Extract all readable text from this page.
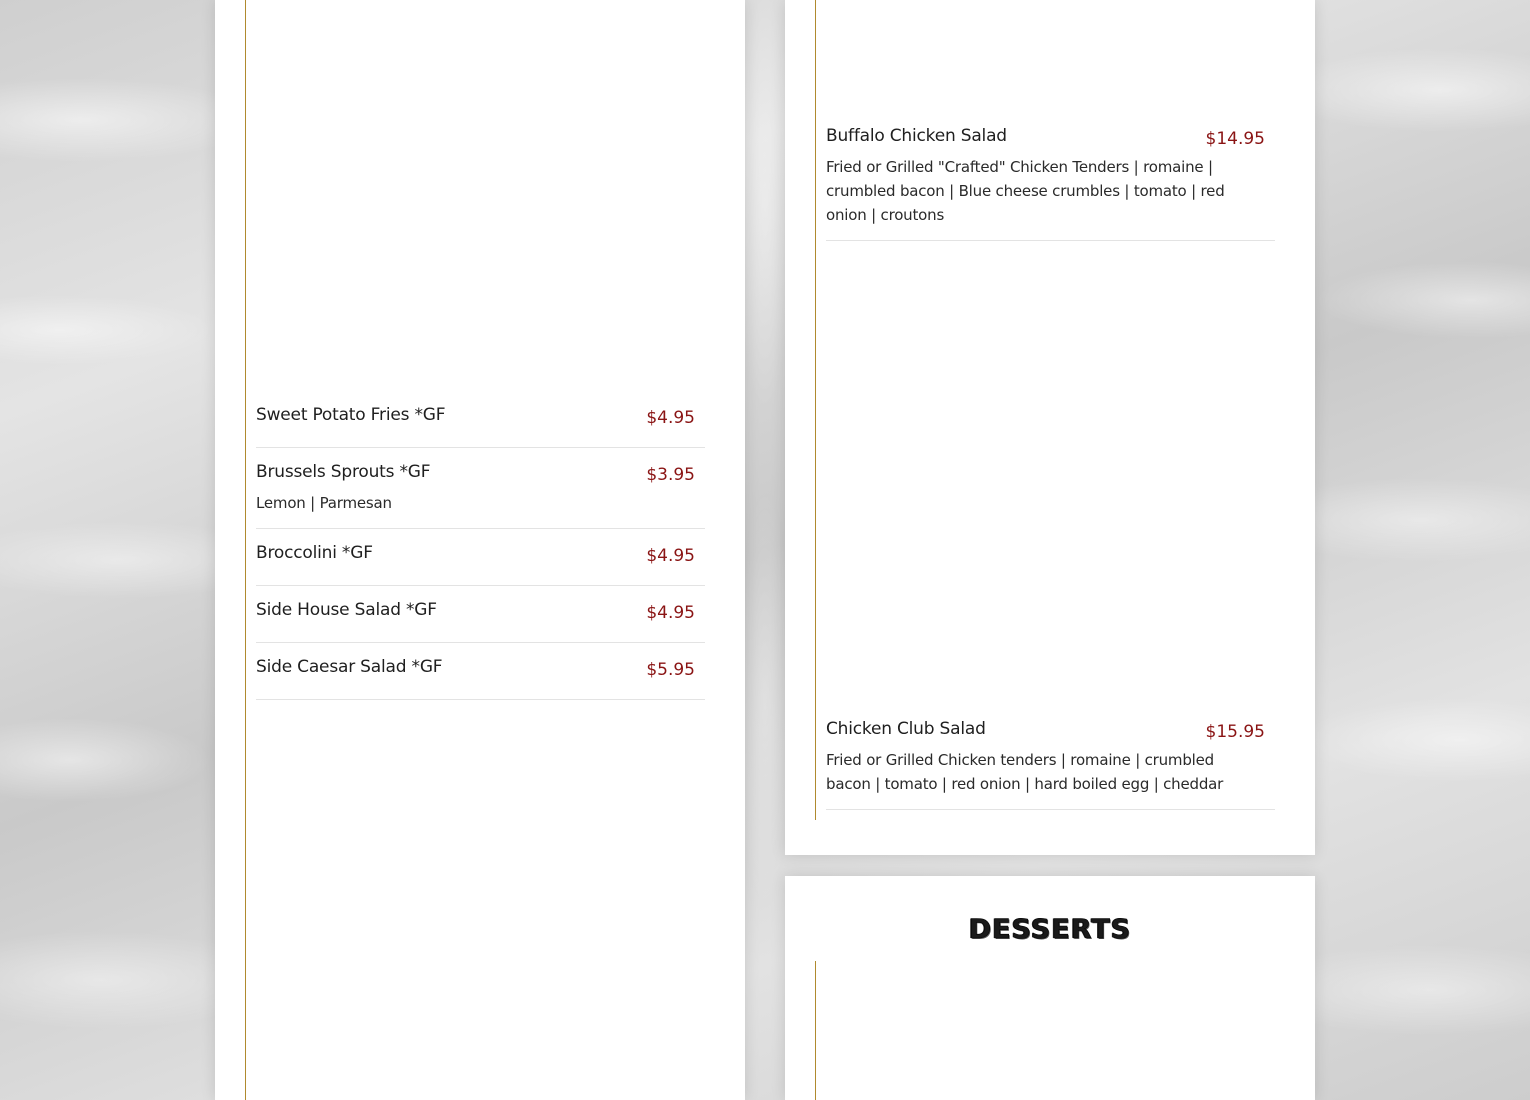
Sweet Potato Fries *GF	$4.95
Brussels Sprouts *GF	$3.95
Lemon | Parmesan
Broccolini *GF	$4.95
Side House Salad *GF	$4.95
Side Caesar Salad *GF	$5.95
Buffalo Chicken Salad	$14.95
Fried or Grilled "Crafted" Chicken Tenders | romaine | crumbled bacon | Blue cheese crumbles | tomato | red onion | croutons
Chicken Club Salad	$15.95
Fried or Grilled Chicken tenders | romaine | crumbled bacon | tomato | red onion | hard boiled egg | cheddar
DESSERTS
